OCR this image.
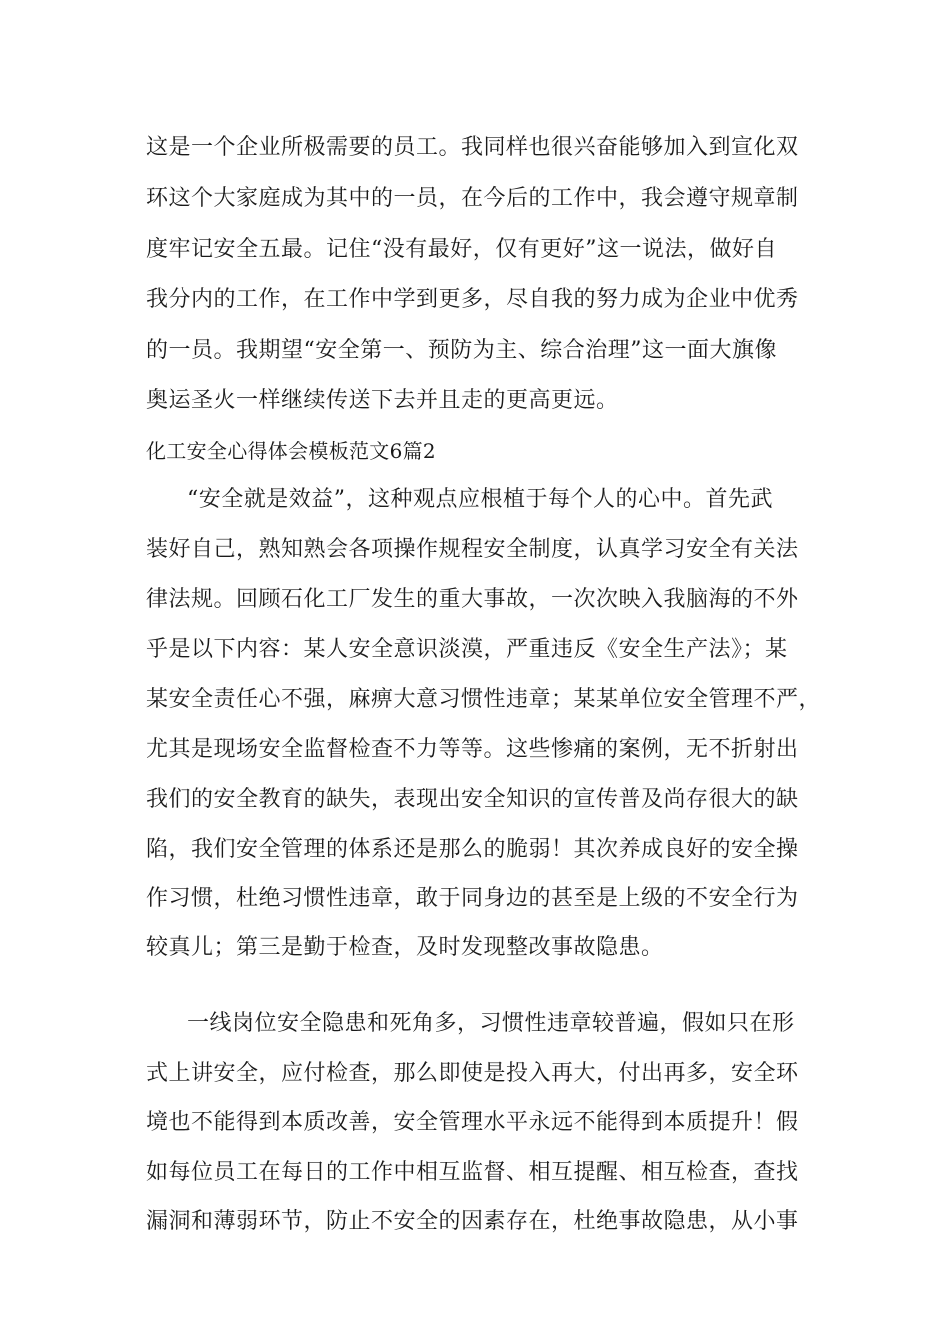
这是一个企业所极需要的员工。我同样也很兴奋能够加入到宣化双
环这个大家庭成为其中的一员，在今后的工作中，我会遵守规章制
度牢记安全五最。记住“没有最好，仅有更好”这一说法，做好自
我分内的工作，在工作中学到更多，尽自我的努力成为企业中优秀
的一员。我期望“安全第一、预防为主、综合治理”这一面大旗像
奥运圣火一样继续传送下去并且走的更高更远。
化工安全心得体会模板范文6篇2
“安全就是效益”，这种观点应根植于每个人的心中。首先武
装好自己，熟知熟会各项操作规程安全制度，认真学习安全有关法
律法规。回顾石化工厂发生的重大事故，一次次映入我脑海的不外
乎是以下内容：某人安全意识淡漠，严重违反《安全生产法》；某
某安全责任心不强，麻痹大意习惯性违章；某某单位安全管理不严，
尤其是现场安全监督检查不力等等。这些惨痛的案例，无不折射出
我们的安全教育的缺失，表现出安全知识的宣传普及尚存很大的缺
陷，我们安全管理的体系还是那么的脆弱！其次养成良好的安全操
作习惯，杜绝习惯性违章，敢于同身边的甚至是上级的不安全行为
较真儿；第三是勤于检查，及时发现整改事故隐患。
一线岗位安全隐患和死角多，习惯性违章较普遍，假如只在形
式上讲安全，应付检查，那么即使是投入再大，付出再多，安全环
境也不能得到本质改善，安全管理水平永远不能得到本质提升！假
如每位员工在每日的工作中相互监督、相互提醒、相互检查，查找
漏洞和薄弱环节，防止不安全的因素存在，杜绝事故隐患，从小事
